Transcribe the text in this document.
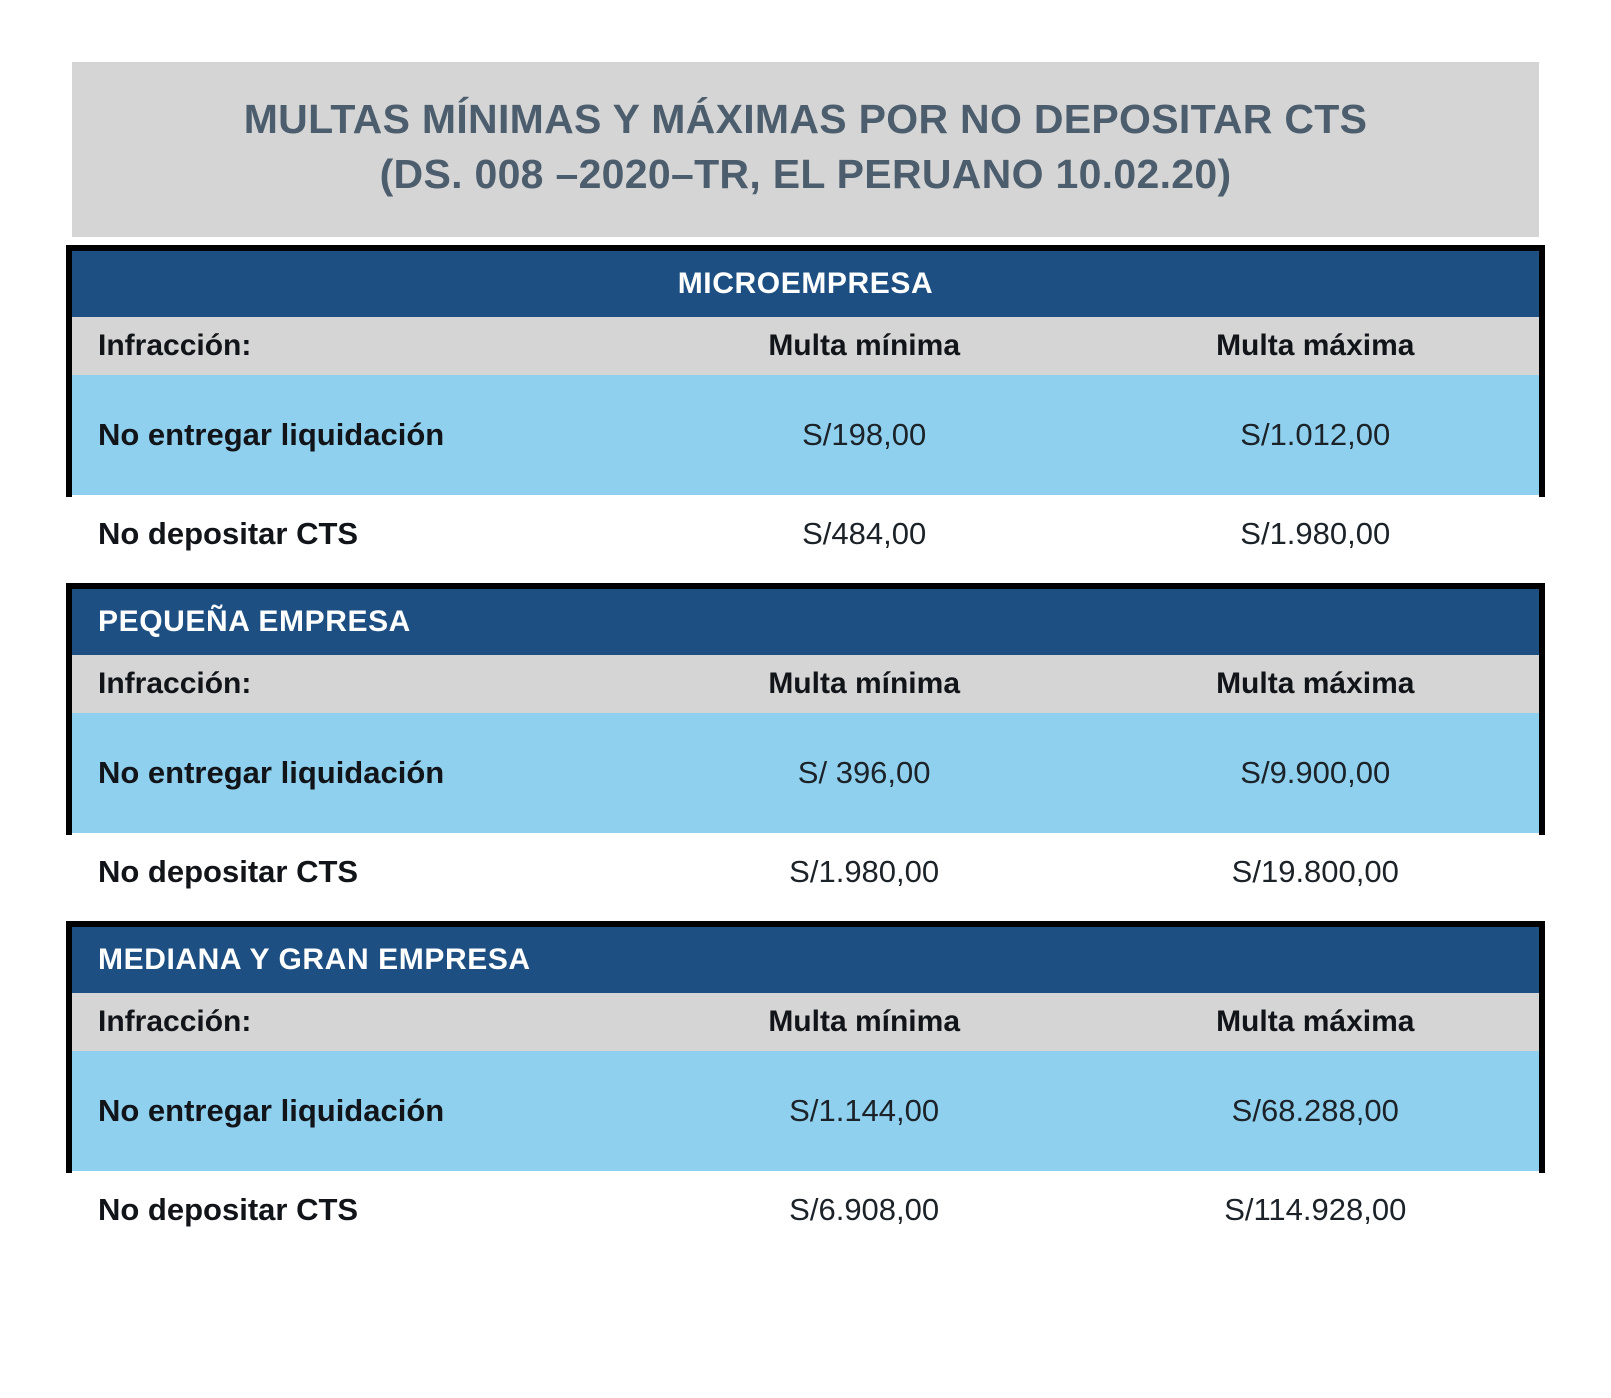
MULTAS MÍNIMAS Y MÁXIMAS POR NO DEPOSITAR CTS
(DS. 008 –2020–TR, EL PERUANO 10.02.20)
MICROEMPRESA
Infracción:	Multa mínima	Multa máxima
No entregar liquidación	S/198,00	S/1.012,00
No depositar CTS	S/484,00	S/1.980,00
PEQUEÑA EMPRESA
Infracción:	Multa mínima	Multa máxima
No entregar liquidación	S/ 396,00	S/9.900,00
No depositar CTS	S/1.980,00	S/19.800,00
MEDIANA Y GRAN EMPRESA
Infracción:	Multa mínima	Multa máxima
No entregar liquidación	S/1.144,00	S/68.288,00
No depositar CTS	S/6.908,00	S/114.928,00
